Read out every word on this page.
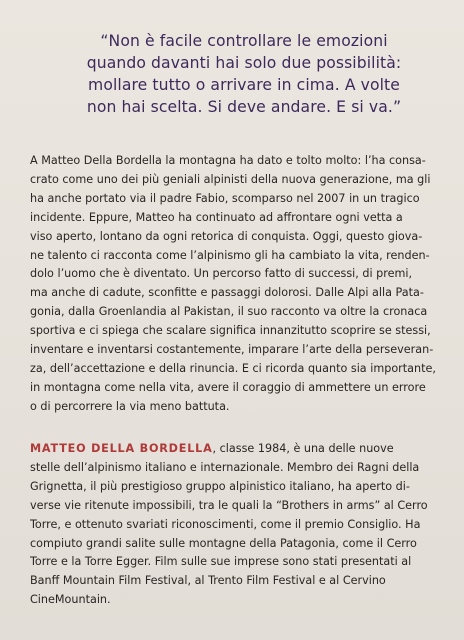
“Non è facile controllare le emozioni
quando davanti hai solo due possibilità:
mollare tutto o arrivare in cima. A volte
non hai scelta. Si deve andare. E si va.”
A Matteo Della Bordella la montagna ha dato e tolto molto: l’ha consa-
crato come uno dei più geniali alpinisti della nuova generazione, ma gli
ha anche portato via il padre Fabio, scomparso nel 2007 in un tragico
incidente. Eppure, Matteo ha continuato ad affrontare ogni vetta a
viso aperto, lontano da ogni retorica di conquista. Oggi, questo giova-
ne talento ci racconta come l’alpinismo gli ha cambiato la vita, renden-
dolo l’uomo che è diventato. Un percorso fatto di successi, di premi,
ma anche di cadute, sconfitte e passaggi dolorosi. Dalle Alpi alla Pata-
gonia, dalla Groenlandia al Pakistan, il suo racconto va oltre la cronaca
sportiva e ci spiega che scalare significa innanzitutto scoprire se stessi,
inventare e inventarsi costantemente, imparare l’arte della perseveran-
za, dell’accettazione e della rinuncia. E ci ricorda quanto sia importante,
in montagna come nella vita, avere il coraggio di ammettere un errore
o di percorrere la via meno battuta.
MATTEO DELLA BORDELLA, classe 1984, è una delle nuove
stelle dell’alpinismo italiano e internazionale. Membro dei Ragni della
Grignetta, il più prestigioso gruppo alpinistico italiano, ha aperto di-
verse vie ritenute impossibili, tra le quali la “Brothers in arms” al Cerro
Torre, e ottenuto svariati riconoscimenti, come il premio Consiglio. Ha
compiuto grandi salite sulle montagne della Patagonia, come il Cerro
Torre e la Torre Egger. Film sulle sue imprese sono stati presentati al
Banff Mountain Film Festival, al Trento Film Festival e al Cervino
CineMountain.
